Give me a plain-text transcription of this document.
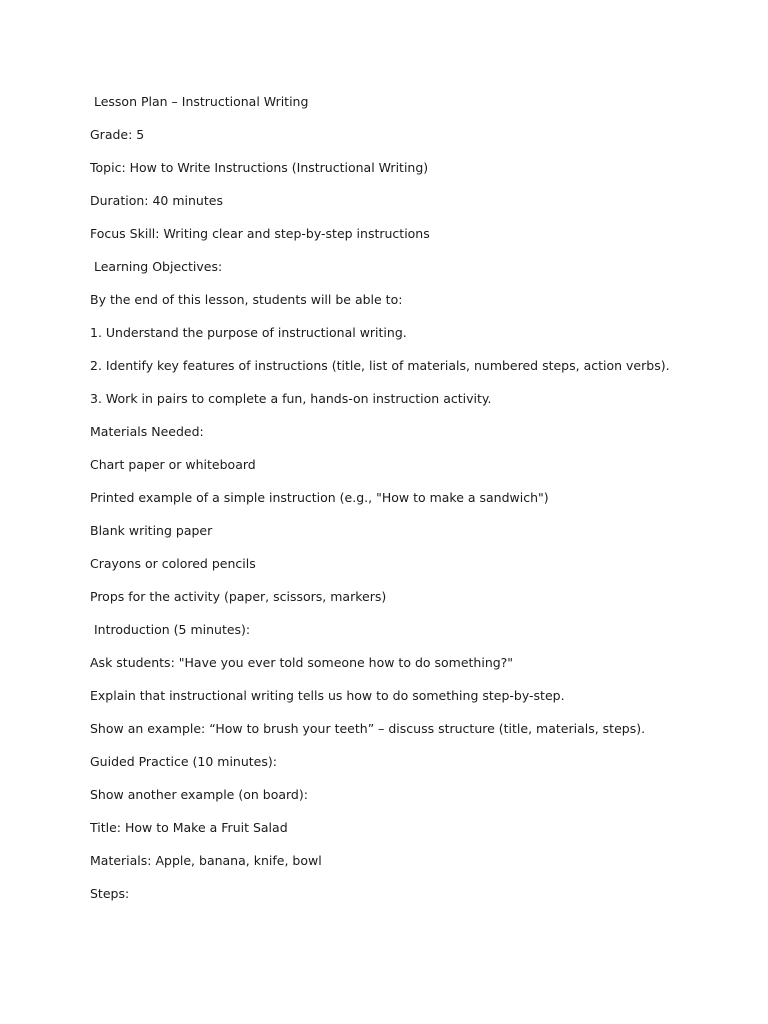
Lesson Plan – Instructional Writing
Grade: 5
Topic: How to Write Instructions (Instructional Writing)
Duration: 40 minutes
Focus Skill: Writing clear and step-by-step instructions
Learning Objectives:
By the end of this lesson, students will be able to:
1. Understand the purpose of instructional writing.
2. Identify key features of instructions (title, list of materials, numbered steps, action verbs).
3. Work in pairs to complete a fun, hands-on instruction activity.
Materials Needed:
Chart paper or whiteboard
Printed example of a simple instruction (e.g., "How to make a sandwich")
Blank writing paper
Crayons or colored pencils
Props for the activity (paper, scissors, markers)
Introduction (5 minutes):
Ask students: "Have you ever told someone how to do something?"
Explain that instructional writing tells us how to do something step-by-step.
Show an example: “How to brush your teeth” – discuss structure (title, materials, steps).
Guided Practice (10 minutes):
Show another example (on board):
Title: How to Make a Fruit Salad
Materials: Apple, banana, knife, bowl
Steps:
